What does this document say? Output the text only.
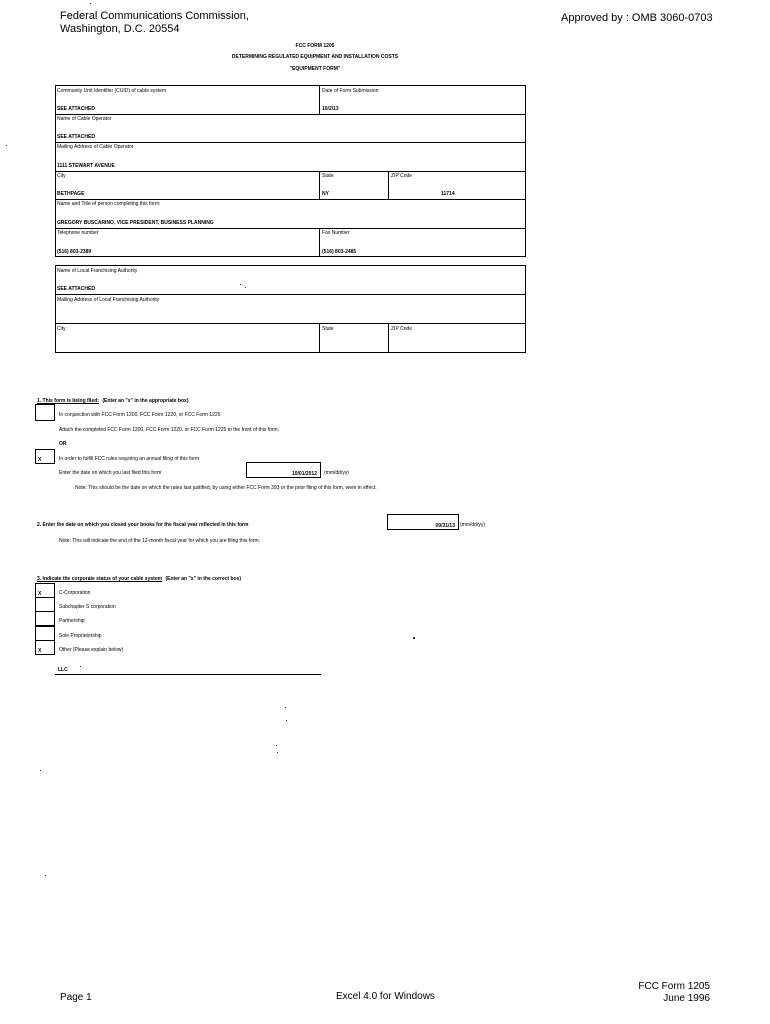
Federal Communications Commission,
Washington, D.C. 20554
Approved by : OMB 3060-0703
FCC FORM 1205
DETERMINING REGULATED EQUIPMENT AND INSTALLATION COSTS
"EQUIPMENT FORM"
Community Unit Identifier (CUID) of cable system
SEE ATTACHED
Date of Form Submission
10/2/13
Name of Cable Operator
SEE ATTACHED
Mailing Address of Cable Operator
1111 STEWART AVENUE
City
BETHPAGE
State
NY
ZIP Code
11714
Name and Title of person completing this form:
GREGORY BUSCARINO, VICE PRESIDENT, BUSINESS PLANNING
Telephone number
(516) 803-2389
Fax Number
(516) 803-2485
Name of Local Franchising Authority
SEE ATTACHED
Mailing Address of Local Franchising Authority
City	State	ZIP Code
1. This form is being filed: (Enter an "x" in the appropriate box)
In conjunction with FCC Form 1200, FCC Form 1220, or FCC Form 1225
Attach the completed FCC Form 1200, FCC Form 1220, or FCC Form 1225 to the front of this form.
OR
X	In order to fulfill FCC rules requiring an annual filing of this form
Enter the date on which you last filed this form	10/01/2012 (mm/dd/yy)
Note: This should be the date on which the rates last justified, by using either FCC Form 393 or the prior filing of this form, were in effect.
2. Enter the date on which you closed your books for the fiscal year reflected in this form	09/31/13 (mm/dd/yy)
Note: This will indicate the end of the 12-month fiscal year for which you are filing this form.
3. Indicate the corporate status of your cable system (Enter an "x" in the correct box)
X	C-Corporation
Subchapter S corporation
Partnership
Sole Proprietorship
X	Other (Please explain below)
LLC
Page 1	Excel 4.0 for Windows
FCC Form 1205
June 1996
